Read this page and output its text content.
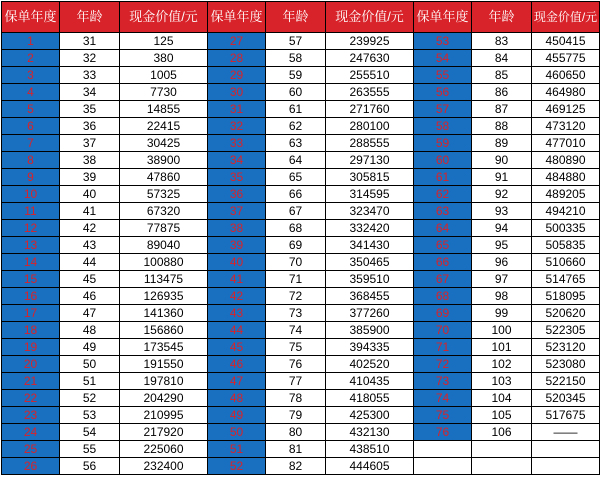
保单年度	年龄	现金价值/元	保单年度	年龄	现金价值/元	保单年度	年龄	现金价值/元
1	31	125	27	57	239925	53	83	450415
2	32	380	28	58	247630	54	84	455775
3	33	1005	29	59	255510	55	85	460650
4	34	7730	30	60	263555	56	86	464980
5	35	14855	31	61	271760	57	87	469125
6	36	22415	32	62	280100	58	88	473120
7	37	30425	33	63	288555	59	89	477010
8	38	38900	34	64	297130	60	90	480890
9	39	47860	35	65	305815	61	91	484880
10	40	57325	36	66	314595	62	92	489205
11	41	67320	37	67	323470	63	93	494210
12	42	77875	38	68	332420	64	94	500335
13	43	89040	39	69	341430	65	95	505835
14	44	100880	40	70	350465	66	96	510660
15	45	113475	41	71	359510	67	97	514765
16	46	126935	42	72	368455	68	98	518095
17	47	141360	43	73	377260	69	99	520620
18	48	156860	44	74	385900	70	100	522305
19	49	173545	45	75	394335	71	101	523120
20	50	191550	46	76	402520	72	102	523080
21	51	197810	47	77	410435	73	103	522150
22	52	204290	48	78	418055	74	104	520345
23	53	210995	49	79	425300	75	105	517675
24	54	217920	50	80	432130	76	106	——
25	55	225060	51	81	438510			
26	56	232400	52	82	444605			
